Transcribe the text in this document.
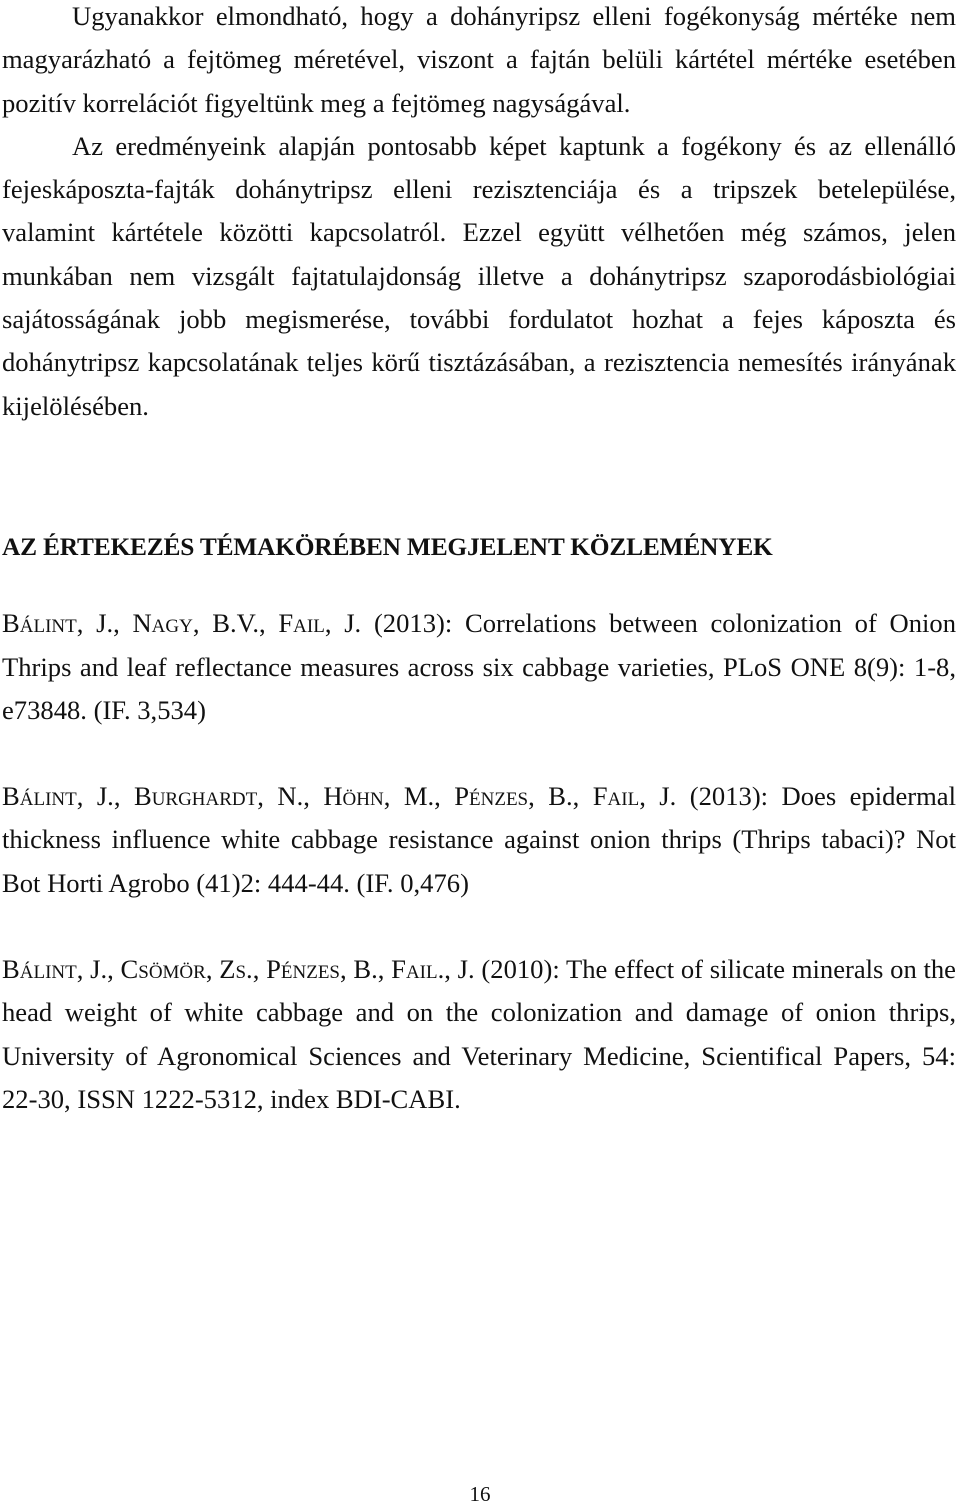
Ugyanakkor elmondható, hogy a dohányripsz elleni fogékonyság mértéke nem magyarázható a fejtömeg méretével, viszont a fajtán belüli kártétel mértéke esetében pozitív korrelációt figyeltünk meg a fejtömeg nagyságával.

Az eredményeink alapján pontosabb képet kaptunk a fogékony és az ellenálló fejeskáposzta-fajták dohánytripsz elleni rezisztenciája és a tripszek betelepülése, valamint kártétele közötti kapcsolatról. Ezzel együtt vélhetően még számos, jelen munkában nem vizsgált fajtatulajdonság illetve a dohánytripsz szaporodásbiológiai sajátosságának jobb megismerése, további fordulatot hozhat a fejes káposzta és dohánytripsz kapcsolatának teljes körű tisztázásában, a rezisztencia nemesítés irányának kijelölésében.

AZ ÉRTEKEZÉS TÉMAKÖRÉBEN MEGJELENT KÖZLEMÉNYEK

Bálint, J., Nagy, B.V., Fail, J. (2013): Correlations between colonization of Onion Thrips and leaf reflectance measures across six cabbage varieties, PLoS ONE 8(9): 1-8, e73848. (IF. 3,534)

Bálint, J., Burghardt, N., Höhn, M., Pénzes, B., Fail, J. (2013): Does epidermal thickness influence white cabbage resistance against onion thrips (Thrips tabaci)? Not Bot Horti Agrobo (41)2: 444-44. (IF. 0,476)

Bálint, J., Csömör, Zs., Pénzes, B., Fail., J. (2010): The effect of silicate minerals on the head weight of white cabbage and on the colonization and damage of onion thrips, University of Agronomical Sciences and Veterinary Medicine, Scientifical Papers, 54: 22-30, ISSN 1222-5312, index BDI-CABI.

16
